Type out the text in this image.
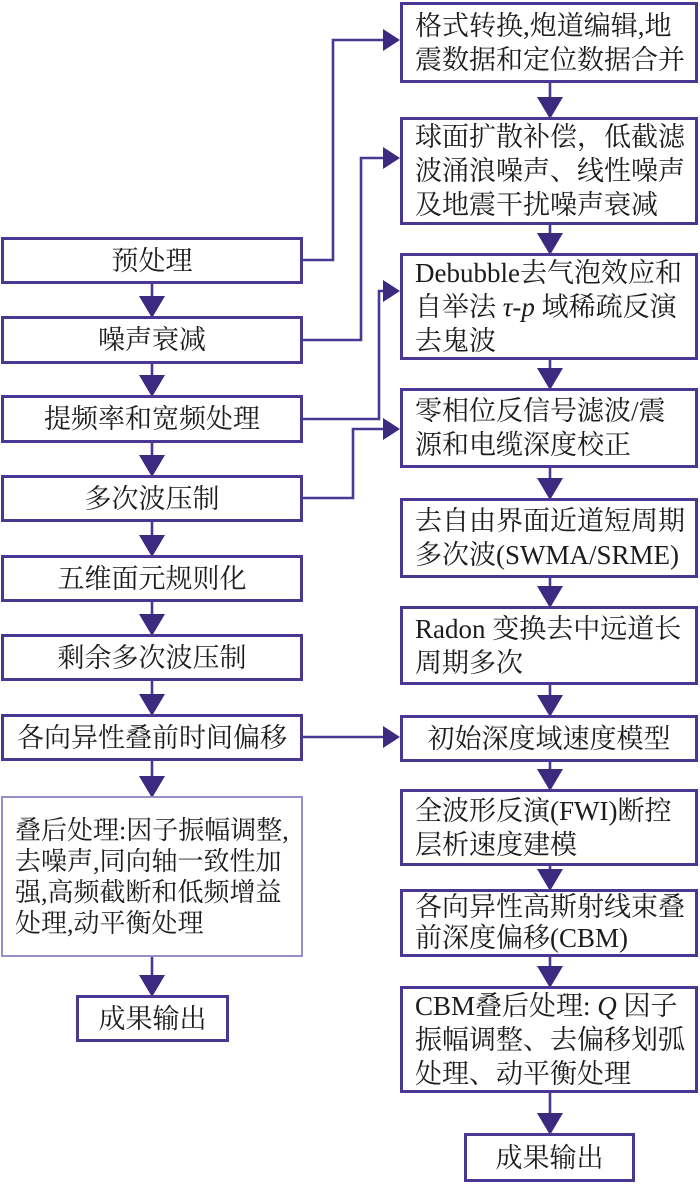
预处理
噪声衰减
提频率和宽频处理
多次波压制
五维面元规则化
剩余多次波压制
各向异性叠前时间偏移
叠后处理:因子振幅调整,去噪声,同向轴一致性加强,高频截断和低频增益处理,动平衡处理
成果输出
格式转换,炮道编辑,地震数据和定位数据合并
球面扩散补偿，低截滤波涌浪噪声、线性噪声及地震干扰噪声衰减
Debubble去气泡效应和自举法 τ-p 域稀疏反演去鬼波
零相位反信号滤波/震源和电缆深度校正
去自由界面近道短周期多次波(SWMA/SRME)
Radon 变换去中远道长周期多次
初始深度域速度模型
全波形反演(FWI)断控层析速度建模
各向异性高斯射线束叠前深度偏移(CBM)
CBM叠后处理: Q 因子振幅调整、去偏移划弧处理、动平衡处理
成果输出
